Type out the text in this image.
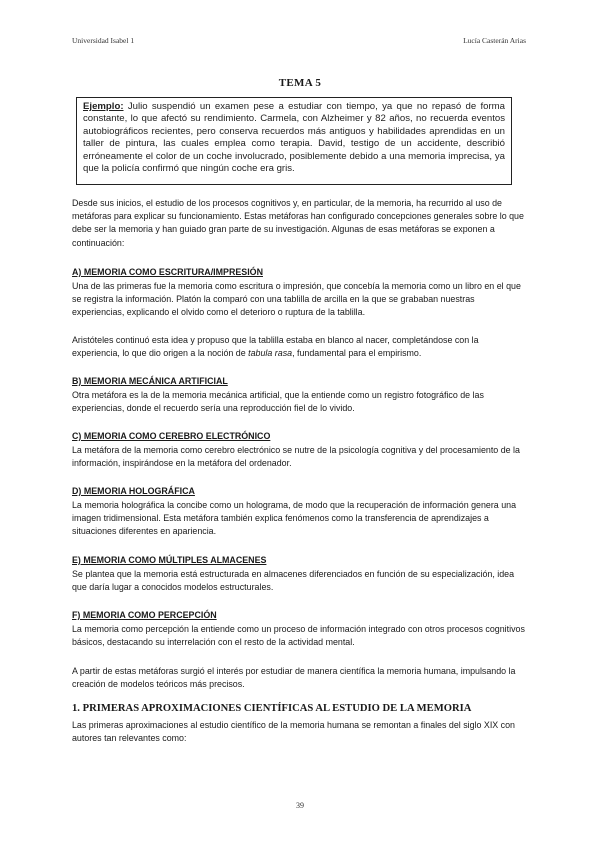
Universidad Isabel 1	Lucía Casterán Arias
TEMA 5
Ejemplo: Julio suspendió un examen pese a estudiar con tiempo, ya que no repasó de forma constante, lo que afectó su rendimiento. Carmela, con Alzheimer y 82 años, no recuerda eventos autobiográficos recientes, pero conserva recuerdos más antiguos y habilidades aprendidas en un taller de pintura, las cuales emplea como terapia. David, testigo de un accidente, describió erróneamente el color de un coche involucrado, posiblemente debido a una memoria imprecisa, ya que la policía confirmó que ningún coche era gris.

Desde sus inicios, el estudio de los procesos cognitivos y, en particular, de la memoria, ha recurrido al uso de metáforas para explicar su funcionamiento. Estas metáforas han configurado concepciones generales sobre lo que debe ser la memoria y han guiado gran parte de su investigación. Algunas de esas metáforas se exponen a continuación:

A) MEMORIA COMO ESCRITURA/IMPRESIÓN

Una de las primeras fue la memoria como escritura o impresión, que concebía la memoria como un libro en el que se registra la información. Platón la comparó con una tablilla de arcilla en la que se grababan nuestras experiencias, explicando el olvido como el deterioro o ruptura de la tablilla.

Aristóteles continuó esta idea y propuso que la tablilla estaba en blanco al nacer, completándose con la experiencia, lo que dio origen a la noción de tabula rasa, fundamental para el empirismo.

B) MEMORIA MECÁNICA ARTIFICIAL

Otra metáfora es la de la memoria mecánica artificial, que la entiende como un registro fotográfico de las experiencias, donde el recuerdo sería una reproducción fiel de lo vivido.

C) MEMORIA COMO CEREBRO ELECTRÓNICO

La metáfora de la memoria como cerebro electrónico se nutre de la psicología cognitiva y del procesamiento de la información, inspirándose en la metáfora del ordenador.

D) MEMORIA HOLOGRÁFICA

La memoria holográfica la concibe como un holograma, de modo que la recuperación de información genera una imagen tridimensional. Esta metáfora también explica fenómenos como la transferencia de aprendizajes a situaciones diferentes en apariencia.

E) MEMORIA COMO MÚLTIPLES ALMACENES

Se plantea que la memoria está estructurada en almacenes diferenciados en función de su especialización, idea que daría lugar a conocidos modelos estructurales.

F) MEMORIA COMO PERCEPCIÓN

La memoria como percepción la entiende como un proceso de información integrado con otros procesos cognitivos básicos, destacando su interrelación con el resto de la actividad mental.

A partir de estas metáforas surgió el interés por estudiar de manera científica la memoria humana, impulsando la creación de modelos teóricos más precisos.

1. PRIMERAS APROXIMACIONES CIENTÍFICAS AL ESTUDIO DE LA MEMORIA

Las primeras aproximaciones al estudio científico de la memoria humana se remontan a finales del siglo XIX con autores tan relevantes como:

39
